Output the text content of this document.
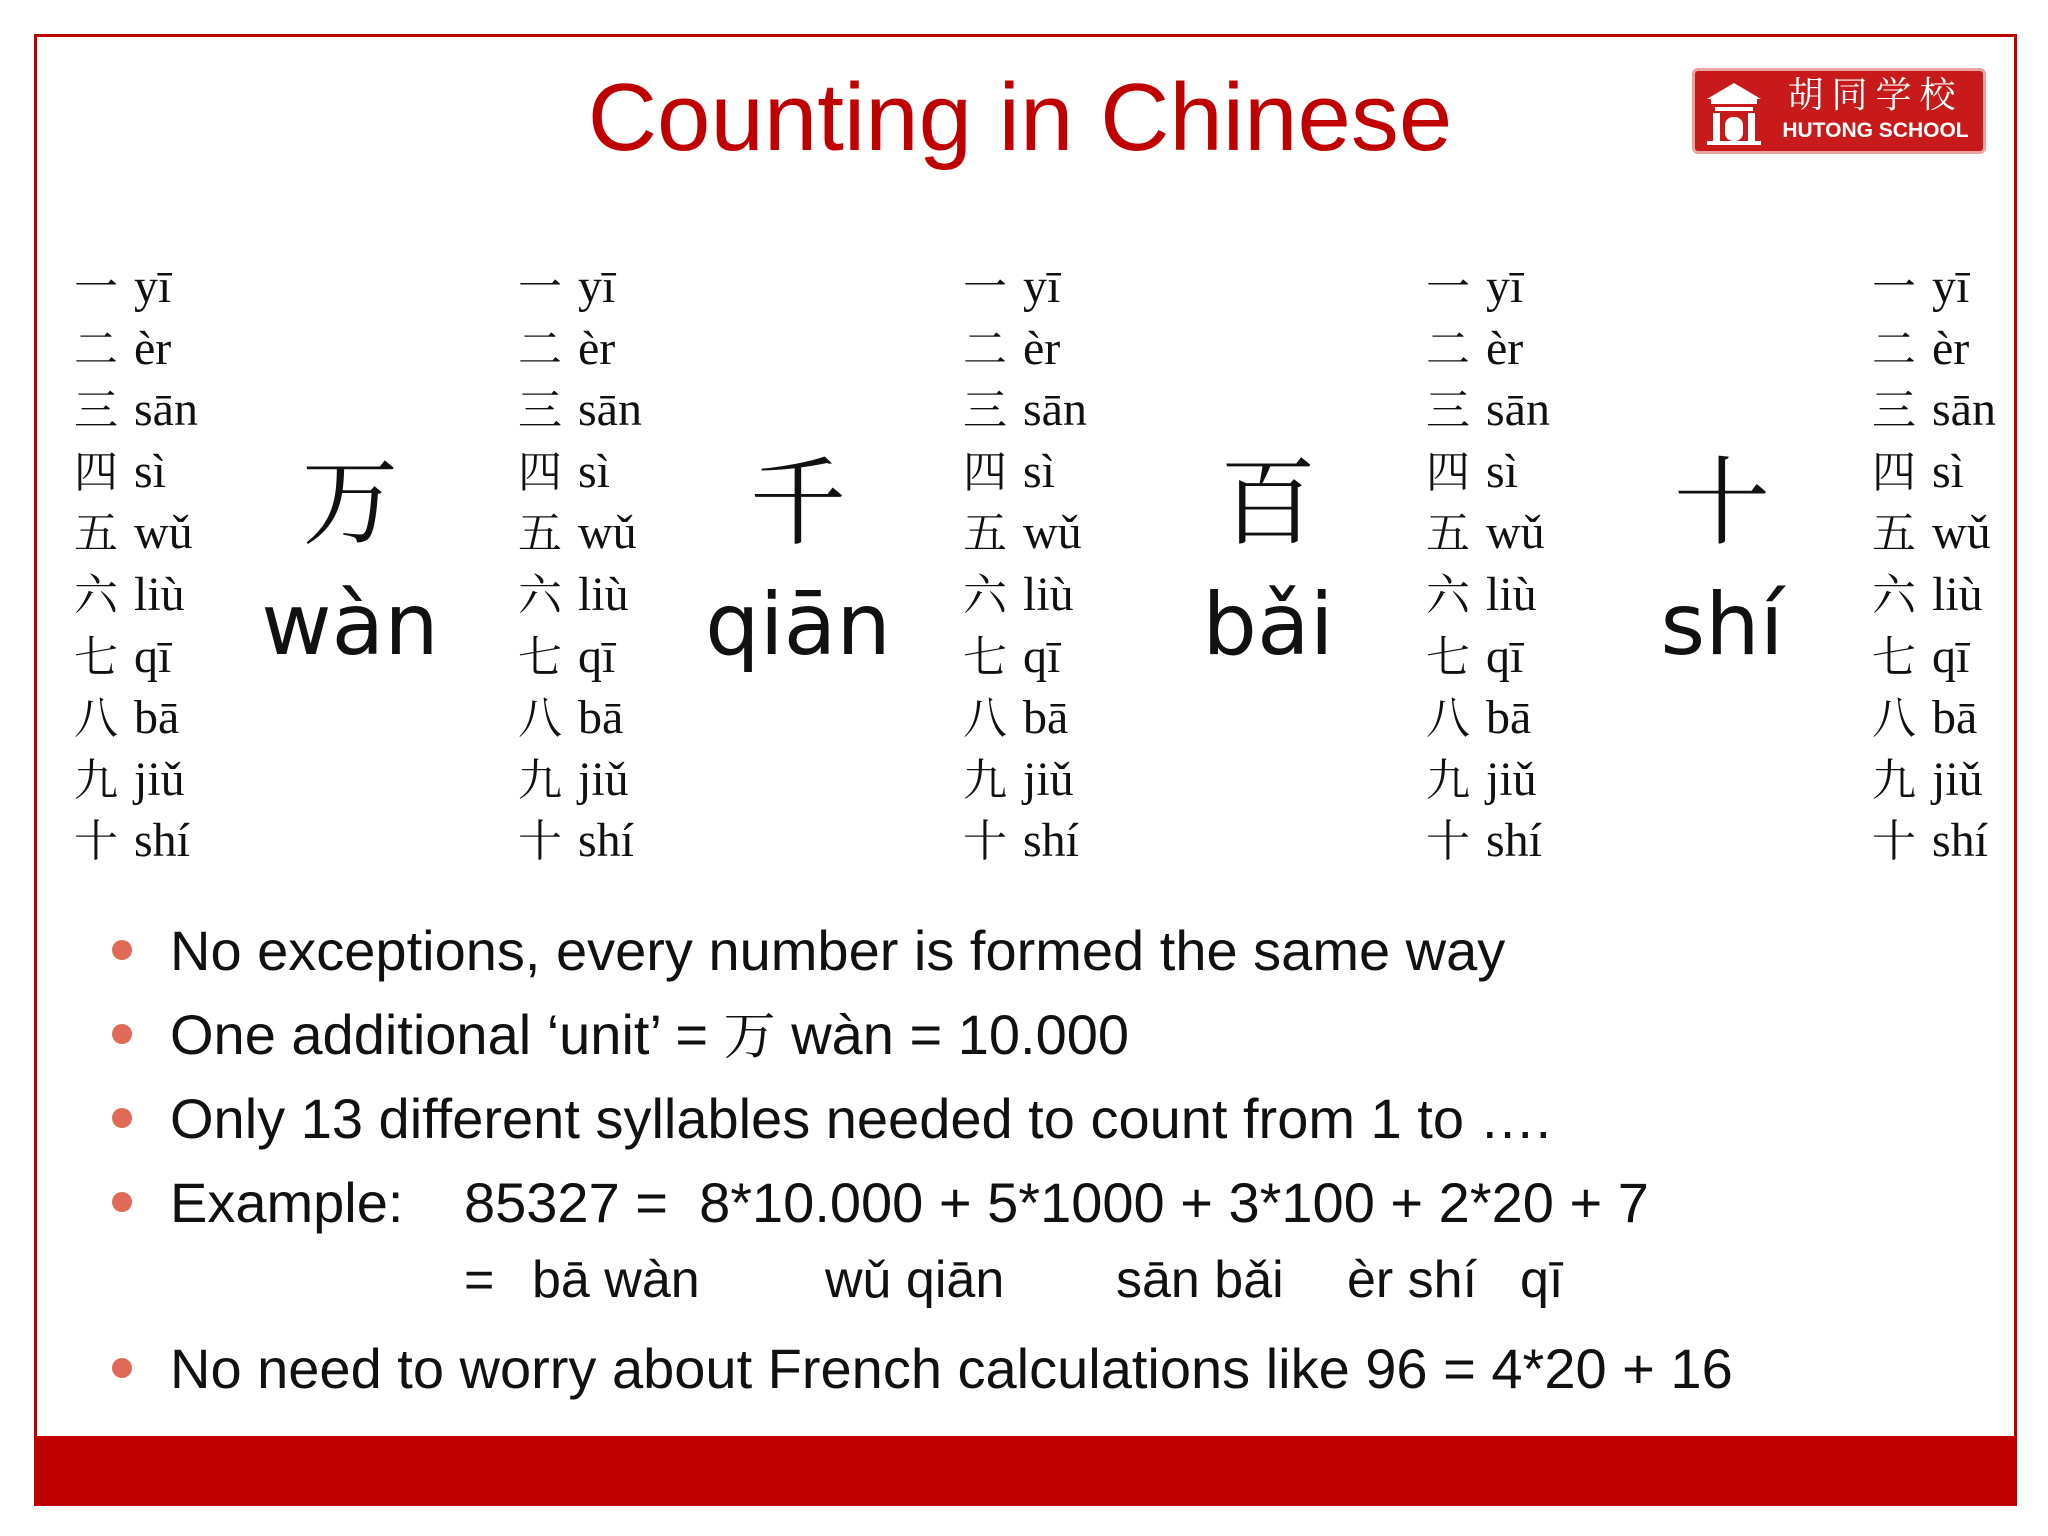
Counting in Chinese	胡同学校
HUTONG SCHOOL
一 yī
二 èr
三 sān
四 sì
五 wǔ
六 liù
七 qī
八 bā
九 jiǔ
十 shí
一 yī
二 èr
三 sān
四 sì
五 wǔ
六 liù
七 qī
八 bā
九 jiǔ
十 shí
一 yī
二 èr
三 sān
四 sì
五 wǔ
六 liù
七 qī
八 bā
九 jiǔ
十 shí
一 yī
二 èr
三 sān
四 sì
五 wǔ
六 liù
七 qī
八 bā
九 jiǔ
十 shí
一 yī
二 èr
三 sān
四 sì
五 wǔ
六 liù
七 qī
八 bā
九 jiǔ
十 shí
万
wàn
千
qiān
百
bǎi
十
shí
No exceptions, every number is formed the same way
One additional ‘unit’ = 万 wàn = 10.000
Only 13 different syllables needed to count from 1 to ….
Example: 85327 =  8*10.000 + 5*1000 + 3*100 + 2*20 + 7
= bā wàn wǔ qiān sān bǎi èr shí qī
No need to worry about French calculations like 96 = 4*20 + 16
